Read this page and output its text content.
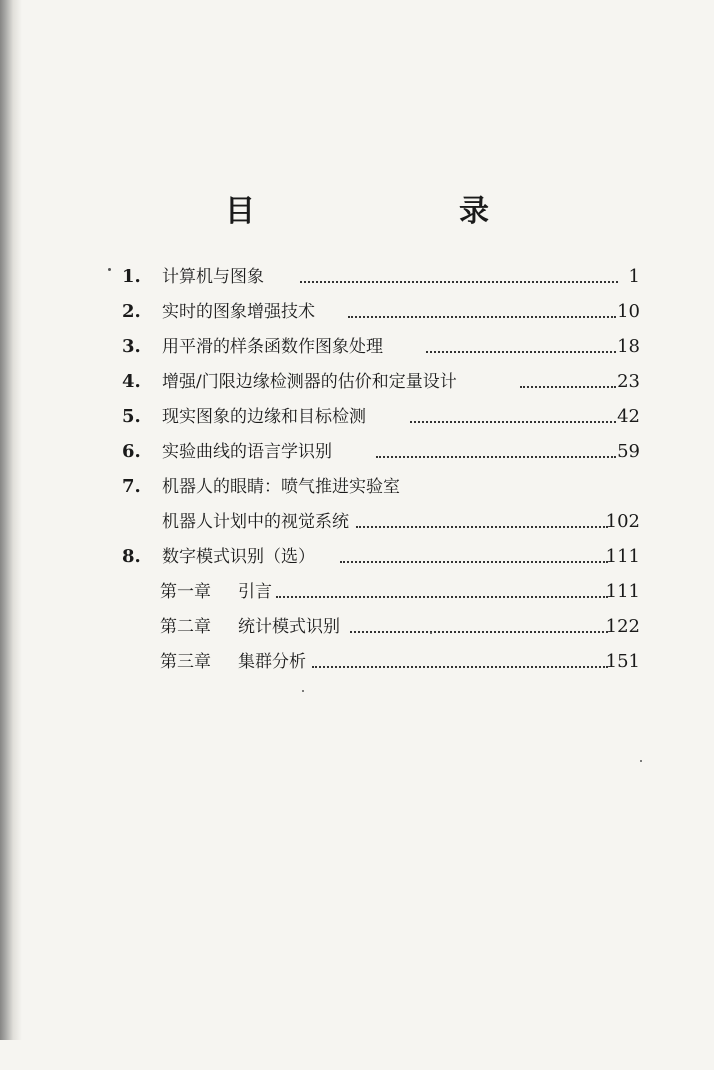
目　　录
1.	计算机与图象	1
2.	实时的图象增强技术	10
3.	用平滑的样条函数作图象处理	18
4.	增强/门限边缘检测器的估价和定量设计	23
5.	现实图象的边缘和目标检测	42
6.	实验曲线的语言学识别	59
7.	机器人的眼睛：喷气推进实验室
机器人计划中的视觉系统	102
8.	数字模式识别（选）	111
第一章 引言	111
第二章 统计模式识别	122
第三章 集群分析	151
